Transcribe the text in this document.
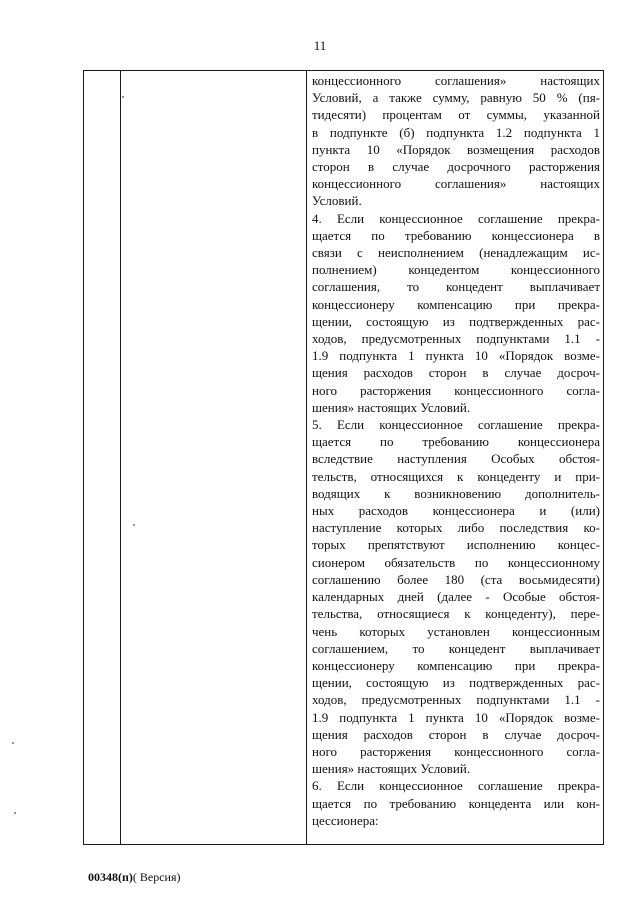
11
концессионного соглашения» настоящих
Условий, а также сумму, равную 50 % (пя-
тидесяти) процентам от суммы, указанной
в подпункте (б) подпункта 1.2 подпункта 1
пункта 10 «Порядок возмещения расходов
сторон в случае досрочного расторжения
концессионного соглашения» настоящих
Условий.
4. Если концессионное соглашение прекра-
щается по требованию концессионера в
связи с неисполнением (ненадлежащим ис-
полнением) концедентом концессионного
соглашения, то концедент выплачивает
концессионеру компенсацию при прекра-
щении, состоящую из подтвержденных рас-
ходов, предусмотренных подпунктами 1.1 -
1.9 подпункта 1 пункта 10 «Порядок возме-
щения расходов сторон в случае досроч-
ного расторжения концессионного согла-
шения» настоящих Условий.
5. Если концессионное соглашение прекра-
щается по требованию концессионера
вследствие наступления Особых обстоя-
тельств, относящихся к концеденту и при-
водящих к возникновению дополнитель-
ных расходов концессионера и (или)
наступление которых либо последствия ко-
торых препятствуют исполнению концес-
сионером обязательств по концессионному
соглашению более 180 (ста восьмидесяти)
календарных дней (далее - Особые обстоя-
тельства, относящиеся к концеденту), пере-
чень которых установлен концессионным
соглашением, то концедент выплачивает
концессионеру компенсацию при прекра-
щении, состоящую из подтвержденных рас-
ходов, предусмотренных подпунктами 1.1 -
1.9 подпункта 1 пункта 10 «Порядок возме-
щения расходов сторон в случае досроч-
ного расторжения концессионного согла-
шения» настоящих Условий.
6. Если концессионное соглашение прекра-
щается по требованию концедента или кон-
цессионера:
00348(п)( Версия)
